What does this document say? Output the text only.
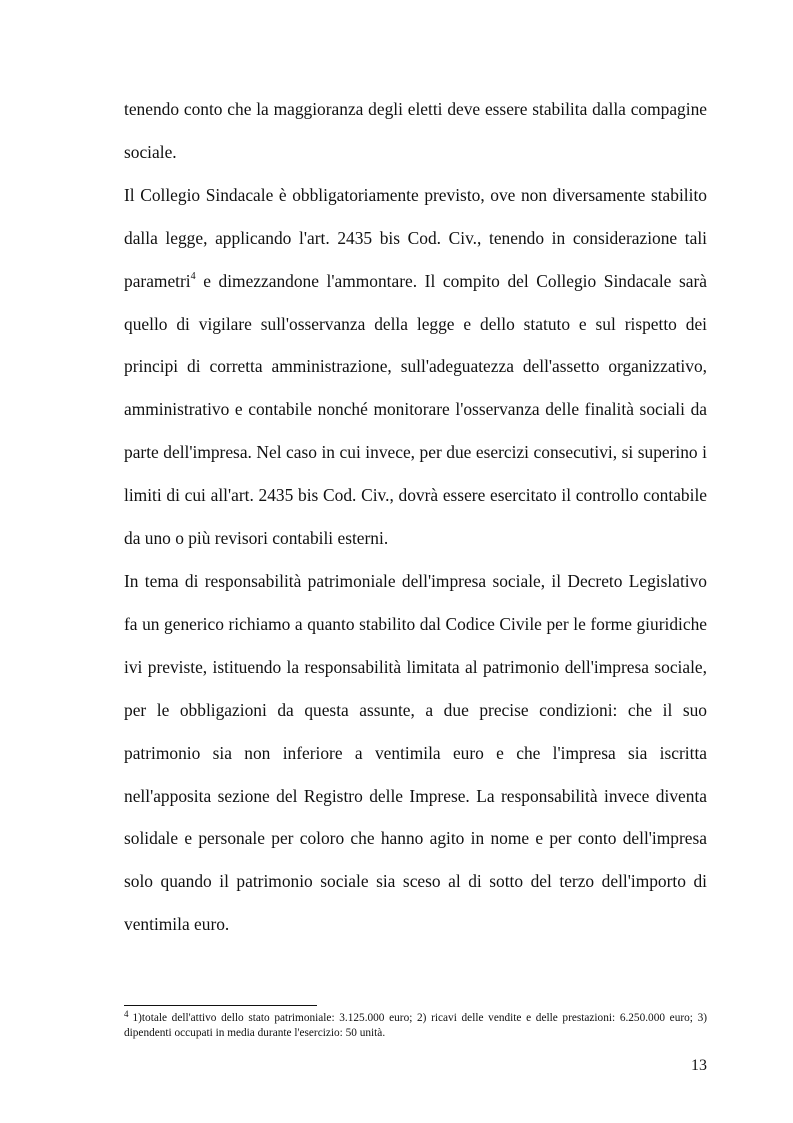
tenendo conto che la maggioranza degli eletti deve essere stabilita dalla compagine sociale.

Il Collegio Sindacale è obbligatoriamente previsto, ove non diversamente stabilito dalla legge, applicando l'art. 2435 bis Cod. Civ., tenendo in considerazione tali parametri$^4$ e dimezzandone l'ammontare. Il compito del Collegio Sindacale sarà quello di vigilare sull'osservanza della legge e dello statuto e sul rispetto dei principi di corretta amministrazione, sull'adeguatezza dell'assetto organizzativo, amministrativo e contabile nonché monitorare l'osservanza delle finalità sociali da parte dell'impresa. Nel caso in cui invece, per due esercizi consecutivi, si superino i limiti di cui all'art. 2435 bis Cod. Civ., dovrà essere esercitato il controllo contabile da uno o più revisori contabili esterni.

In tema di responsabilità patrimoniale dell'impresa sociale, il Decreto Legislativo fa un generico richiamo a quanto stabilito dal Codice Civile per le forme giuridiche ivi previste, istituendo la responsabilità limitata al patrimonio dell'impresa sociale, per le obbligazioni da questa assunte, a due precise condizioni: che il suo patrimonio sia non inferiore a ventimila euro e che l'impresa sia iscritta nell'apposita sezione del Registro delle Imprese. La responsabilità invece diventa solidale e personale per coloro che hanno agito in nome e per conto dell'impresa solo quando il patrimonio sociale sia sceso al di sotto del terzo dell'importo di ventimila euro.

$^4$ 1)totale dell'attivo dello stato patrimoniale: 3.125.000 euro; 2) ricavi delle vendite e delle prestazioni: 6.250.000 euro; 3) dipendenti occupati in media durante l'esercizio: 50 unità.
13
